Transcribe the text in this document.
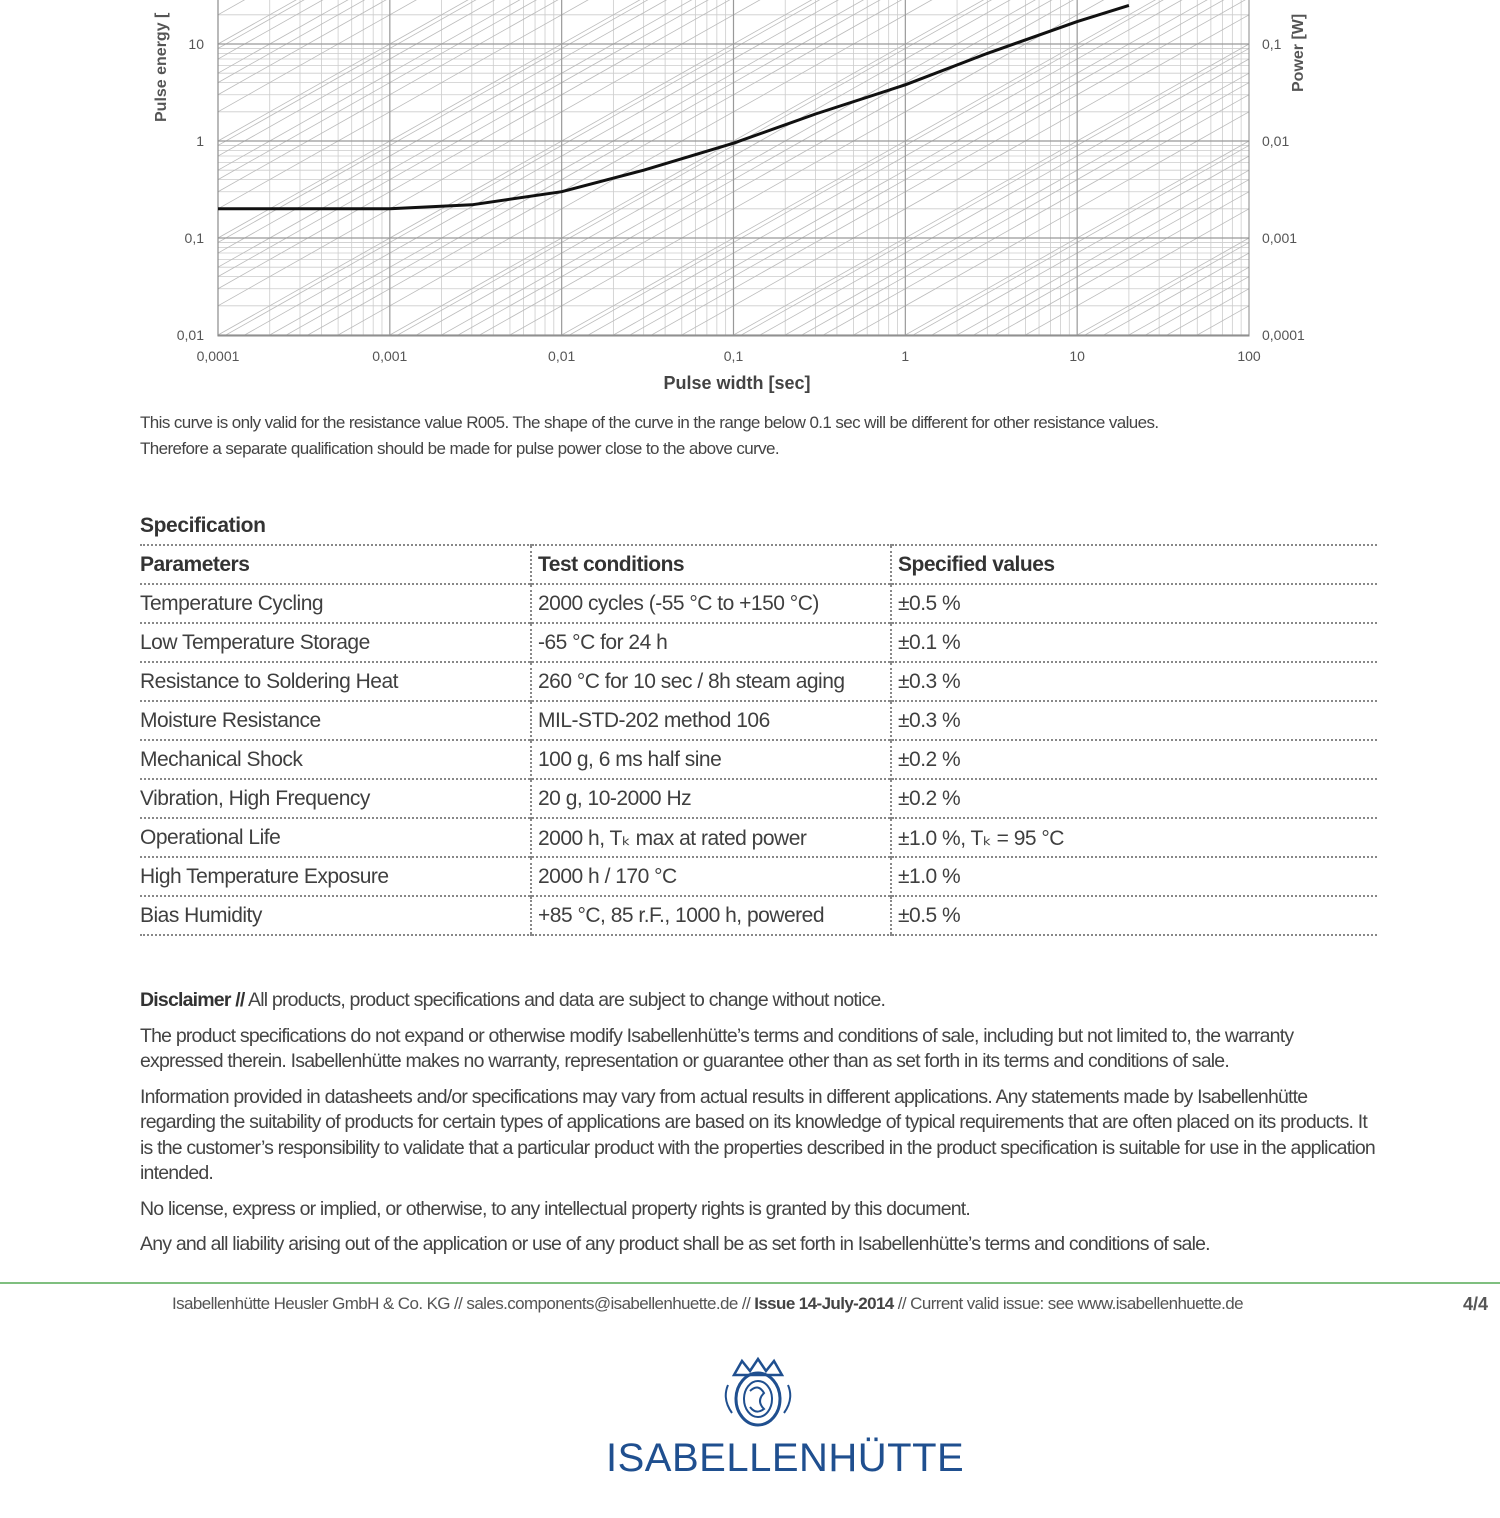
0,0001	0,001	0,01	0,1	1	10	100
0,01
0,1
1
10
0,0001
0,001
0,01
0,1
Pulse energy [	Power [W]
Pulse width [sec]

This curve is only valid for the resistance value R005. The shape of the curve in the range below 0.1 sec will be different for other resistance values.

Therefore a separate qualification should be made for pulse power close to the above curve.

Specification
Parameters	Test conditions	Specified values
Temperature Cycling	2000 cycles (-55 °C to +150 °C)	±0.5 %
Low Temperature Storage	-65 °C for 24 h	±0.1 %
Resistance to Soldering Heat	260 °C for 10 sec / 8h steam aging	±0.3 %
Moisture Resistance	MIL-STD-202 method 106	±0.3 %
Mechanical Shock	100 g, 6 ms half sine	±0.2 %
Vibration, High Frequency	20 g, 10-2000 Hz	±0.2 %
Operational Life	2000 h, Tₖ max at rated power	±1.0 %, Tₖ = 95 °C
High Temperature Exposure	2000 h / 170 °C	±1.0 %
Bias Humidity	+85 °C, 85 r.F., 1000 h, powered	±0.5 %

Disclaimer // All products, product specifications and data are subject to change without notice.

The product specifications do not expand or otherwise modify Isabellenhütte’s terms and conditions of sale, including but not limited to, the warranty expressed therein. Isabellenhütte makes no warranty, representation or guarantee other than as set forth in its terms and conditions of sale.

Information provided in datasheets and/or specifications may vary from actual results in different applications. Any statements made by Isabellenhütte regarding the suitability of products for certain types of applications are based on its knowledge of typical requirements that are often placed on its products. It is the customer’s responsibility to validate that a particular product with the properties described in the product specification is suitable for use in the application intended.

No license, express or implied, or otherwise, to any intellectual property rights is granted by this document.

Any and all liability arising out of the application or use of any product shall be as set forth in Isabellenhütte’s terms and conditions of sale.

Isabellenhütte Heusler GmbH & Co. KG // sales.components@isabellenhuette.de // Issue 14-July-2014 // Current valid issue: see www.isabellenhuette.de	4/4
ISABELLENHÜTTE
